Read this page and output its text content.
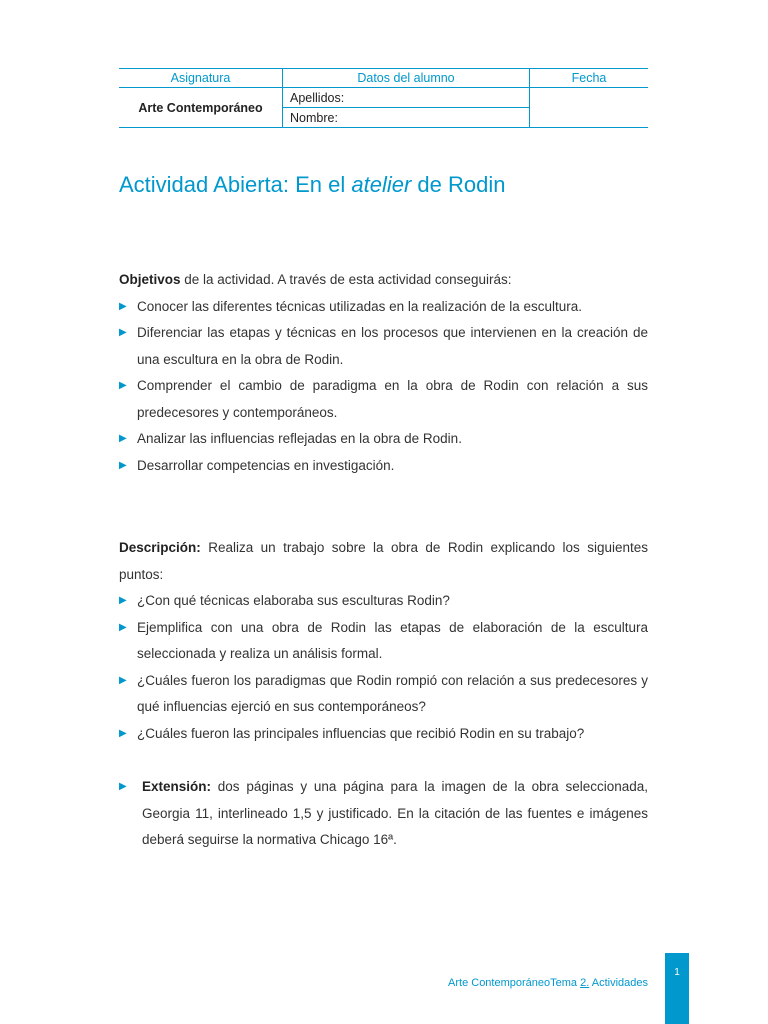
Asignatura	Datos del alumno	Fecha
Arte Contemporáneo	Apellidos:	
	Nombre:	
Actividad Abierta: En el atelier de Rodin
Objetivos de la actividad. A través de esta actividad conseguirás:
▶ Conocer las diferentes técnicas utilizadas en la realización de la escultura.
▶ Diferenciar las etapas y técnicas en los procesos que intervienen en la creación de una escultura en la obra de Rodin.
▶ Comprender el cambio de paradigma en la obra de Rodin con relación a sus predecesores y contemporáneos.
▶ Analizar las influencias reflejadas en la obra de Rodin.
▶ Desarrollar competencias en investigación.
Descripción: Realiza un trabajo sobre la obra de Rodin explicando los siguientes puntos:
▶ ¿Con qué técnicas elaboraba sus esculturas Rodin?
▶ Ejemplifica con una obra de Rodin las etapas de elaboración de la escultura seleccionada y realiza un análisis formal.
▶ ¿Cuáles fueron los paradigmas que Rodin rompió con relación a sus predecesores y qué influencias ejerció en sus contemporáneos?
▶ ¿Cuáles fueron las principales influencias que recibió Rodin en su trabajo?
▶ Extensión: dos páginas y una página para la imagen de la obra seleccionada, Georgia 11, interlineado 1,5 y justificado. En la citación de las fuentes e imágenes deberá seguirse la normativa Chicago 16ª.
Arte ContemporáneoTema 2. Actividades
1
